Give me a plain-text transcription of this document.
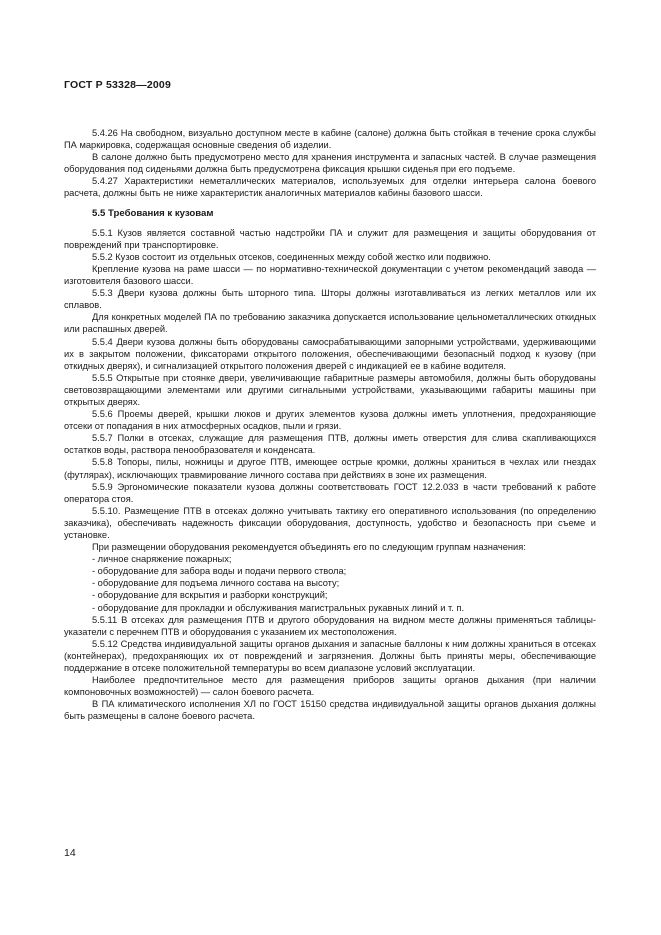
ГОСТ Р 53328—2009

5.4.26 На свободном, визуально доступном месте в кабине (салоне) должна быть стойкая в течение срока службы ПА маркировка, содержащая основные сведения об изделии.

В салоне должно быть предусмотрено место для хранения инструмента и запасных частей. В случае размещения оборудования под сиденьями должна быть предусмотрена фиксация крышки сиденья при его подъеме.

5.4.27 Характеристики неметаллических материалов, используемых для отделки интерьера салона боевого расчета, должны быть не ниже характеристик аналогичных материалов кабины базового шасси.

5.5 Требования к кузовам

5.5.1 Кузов является составной частью надстройки ПА и служит для размещения и защиты оборудования от повреждений при транспортировке.

5.5.2 Кузов состоит из отдельных отсеков, соединенных между собой жестко или подвижно.

Крепление кузова на раме шасси — по нормативно-технической документации с учетом рекомендаций завода — изготовителя базового шасси.

5.5.3 Двери кузова должны быть шторного типа. Шторы должны изготавливаться из легких металлов или их сплавов.

Для конкретных моделей ПА по требованию заказчика допускается использование цельнометаллических откидных или распашных дверей.

5.5.4 Двери кузова должны быть оборудованы самосрабатывающими запорными устройствами, удерживающими их в закрытом положении, фиксаторами открытого положения, обеспечивающими безопасный подход к кузову (при откидных дверях), и сигнализацией открытого положения дверей с индикацией ее в кабине водителя.

5.5.5 Открытые при стоянке двери, увеличивающие габаритные размеры автомобиля, должны быть оборудованы световозвращающими элементами или другими сигнальными устройствами, указывающими габариты машины при открытых дверях.

5.5.6 Проемы дверей, крышки люков и других элементов кузова должны иметь уплотнения, предохраняющие отсеки от попадания в них атмосферных осадков, пыли и грязи.

5.5.7 Полки в отсеках, служащие для размещения ПТВ, должны иметь отверстия для слива скапливающихся остатков воды, раствора пенообразователя и конденсата.

5.5.8 Топоры, пилы, ножницы и другое ПТВ, имеющее острые кромки, должны храниться в чехлах или гнездах (футлярах), исключающих травмирование личного состава при действиях в зоне их размещения.

5.5.9 Эргономические показатели кузова должны соответствовать ГОСТ 12.2.033 в части требований к работе оператора стоя.

5.5.10. Размещение ПТВ в отсеках должно учитывать тактику его оперативного использования (по определению заказчика), обеспечивать надежность фиксации оборудования, доступность, удобство и безопасность при съеме и установке.

При размещении оборудования рекомендуется объединять его по следующим группам назначения:

- личное снаряжение пожарных;
- оборудование для забора воды и подачи первого ствола;
- оборудование для подъема личного состава на высоту;
- оборудование для вскрытия и разборки конструкций;
- оборудование для прокладки и обслуживания магистральных рукавных линий и т. п.

5.5.11 В отсеках для размещения ПТВ и другого оборудования на видном месте должны применяться таблицы-указатели с перечнем ПТВ и оборудования с указанием их местоположения.

5.5.12 Средства индивидуальной защиты органов дыхания и запасные баллоны к ним должны храниться в отсеках (контейнерах), предохраняющих их от повреждений и загрязнения. Должны быть приняты меры, обеспечивающие поддержание в отсеке положительной температуры во всем диапазоне условий эксплуатации.

Наиболее предпочтительное место для размещения приборов защиты органов дыхания (при наличии компоновочных возможностей) — салон боевого расчета.

В ПА климатического исполнения ХЛ по ГОСТ 15150 средства индивидуальной защиты органов дыхания должны быть размещены в салоне боевого расчета.

14
